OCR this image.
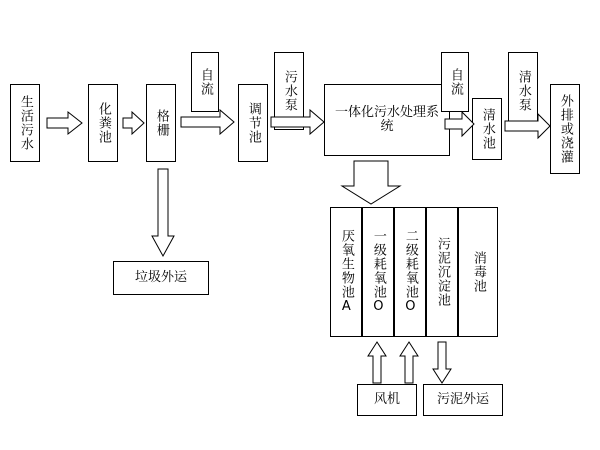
生活污水	化粪池	格栅
自流
调节池
污水泵
一体化污水处理系统
自流
清水池
清水泵
外排或浇灌
垃圾外运	厌氧生物池A	一级耗氧池O	二级耗氧池O	污泥沉淀池	消毒池
风机	污泥外运
